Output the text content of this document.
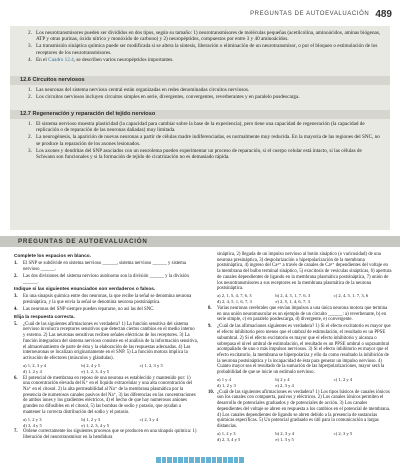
PREGUNTAS DE AUTOEVALUACIÓN 489
2. Los neurotransmisores pueden ser divididos en dos tipos, según su tamaño: 1) neurotransmisores de moléculas pequeñas (acetilcolina, aminoácidos, aminas biógenas, ATP y otras purinas, óxido nítrico y monóxido de carbono) y 2) neuropéptidos, compuestos por entre 3 y 40 aminoácidos.
3. La transmisión sináptica química puede ser modificada si se altera la síntesis, liberación o eliminación de un neurotransmisor, o por el bloqueo o estimulación de los receptores de los neurotransmisores.
4. En el Cuadro 12.4, se describen varios neuropéptidos importantes.
12.6 Circuitos nerviosos
1. Las neuronas del sistema nervioso central están organizadas en redes denominadas circuitos nerviosos.
2. Los circuitos nerviosos incluyen circuitos simples en serie, divergentes, convergentes, reverberantes y en paralelo posdescarga.
12.7 Regeneración y reparación del tejido nervioso
1. El sistema nervioso muestra plasticidad (la capacidad para cambiar sobre la base de la experiencia), pero tiene una capacidad de regeneración (la capacidad de replicación o de reparación de las neuronas dañadas) muy limitada.
2. La neurogénesis, la aparición de nuevas neuronas a partir de células madre indiferenciadas, es normalmente muy reducida. En la mayoría de las regiones del SNC, no se produce la reparación de los axones lesionados.
3. Los axones y dendritas del SNP asociados con un neurolema pueden experimentar un proceso de reparación, si el cuerpo celular está intacto, si las células de Schwann son funcionales y si la formación de tejido de cicatrización no es demasiado rápida.
PREGUNTAS DE AUTOEVALUACIÓN
Complete los espacios en blanco.
1. El SNP se subdivide en sistema nervioso ______, sistema nervioso ______ y sistema nervioso ______.
2. Las dos divisiones del sistema nervioso autónomo son la división ______ y la división ______.
Indique si las siguientes enunciados son verdaderos o falsos.
3. En una sinapsis química entre dos neuronas, la que recibe la señal se denomina neurona presináptica, y la que envía la señal se denomina neurona postsináptica.
4. Las neuronas del SNP siempre pueden repararse, no así las del SNC.
Elija la respuesta correcta.
5. ¿Cuál de las siguientes afirmaciones es verdadera? 1) La función sensitiva del sistema nervioso involucra receptores sensitivos que detectan ciertos cambios en el medio interno y externo. 2) Las neuronas sensitivas reciben señales eléctricas de los receptores. 3) La función integradora del sistema nervioso consiste en el análisis de la información sensitiva, el almacenamiento de parte de ésta y la elaboración de las respuestas adecuadas. 4) Las interneuronas se localizan originariamente en el SNP. 5) La función motora implica la activación de efectores (músculos y glándulas).
a) 1, 2, 3 y 4	b) 2, 4 y 5	c) 1, 2, 3 y 5
d) 1, 2 y 4	e) 1, 2, 3, 4 y 5
6. El potencial de membrana en reposo de una neurona es establecido y mantenido por: 1) una concentración elevada del K⁺ en el líquido extracelular y una alta concentración del Na⁺ en el citosol. 2) la alta permeabilidad al Na⁺ de la membrana plasmática por la presencia de numerosos canales pasivos del Na⁺, 3) las diferencias en las concentraciones de ambos iones y los gradientes eléctricos, 4) el hecho de que hay numerosos aniones grandes no difusibles en el citosol, 5) las bombas de sodio y potasio, que ayudan a mantener la correcta distribución del sodio y el potasio.
a) 1, 2 y 3	b) 1, 2 y 3	c) 2, 3 y 4
d) 3, 4 y 5	e) 1, 2, 3, 4 y 5
7. Ordene correctamente los siguientes procesos que se producen en una sinapsis química: 1) liberación del neurotransmisor en la hendidura
sináptica, 2) llegada de un impulso nervioso al botón sináptico (o varicosidad) de una neurona presináptica, 3) despolarización o hiperpolarización de la membrana postsináptica, 4) ingreso del Ca²⁺ a través de canales de Ca²⁺ dependientes del voltaje en la membrana del bulbo terminal sináptico, 5) exocitosis de vesículas sinápticas, 6) apertura de canales dependientes de ligando en la membrana plasmática postsináptica, 7) unión de los neurotransmisores a sus receptores en la membrana plasmática de la neurona postsináptica.
a) 2, 1, 5, 4, 7, 6, 3	b) 2, 4, 5, 1, 7, 6, 3	c) 2, 4, 5, 1, 7, 3, 6
d) 2, 4, 5, 1, 6, 7, 3	e) 2, 5, 1, 4, 6, 7, 3
8. Varias neuronas cerebrales que envían impulsos a una única neurona motora que termina en una unión neuromuscular es un ejemplo de un circuito ______: a) reverberante, b) en serie simple, c) en paralelo posdescarga, d) divergente, e) convergente.
9. ¿Cuál de las afirmaciones siguientes es verdadera? 1) Si el efecto excitatorio es mayor que el efecto inhibitorio pero menos que el umbral de estimulación, el resultado es un PPSE subumbral. 2) Si el efecto excitatorio es mayor que el efecto inhibitorio y alcanza o sobrepasa el nivel umbral de estimulación, el resultado es un PPSE umbral o supraumbral acompañado de uno o más impulsos nerviosos. 3) Si el efecto inhibitorio es mayor que el efecto excitatorio, la membrana se hiperpolariza y ello da como resultado la inhibición de la neurona postsináptica y la incapacidad de ésta para generar un impulso nervioso. 4) Cuanto mayor sea el resultado de la sumación de las hiperpolarizaciones, mayor será la probabilidad de que se inicie un estímulo nervioso.
a) 1 y 4	b) 2 y 4	c) 1, 2 y 4
d) 1, 2 y 3	e) 2, 3 y 4
10. ¿Cuál de las siguientes afirmaciones es verdadera? 1) Los tipos básicos de canales iónicos son los canales con compuerta, pasivos y eléctricos. 2) Los canales iónicos permiten el desarrollo de potenciales graduados y de potenciales de acción. 3) Los canales dependientes del voltaje se abren en respuesta a los cambios en el potencial de membrana. 4) Los canales dependientes de ligando se abren debido a la presencia de sustancias químicas específicas. 5) Un potencial graduado es útil para la comunicación a largas distancias.
a) 1, 2 y 3	b) 2, 3 y 4	c) 2, 3 y 5
d) 2, 3, 4 y 5	e) 1, 3 y 5
